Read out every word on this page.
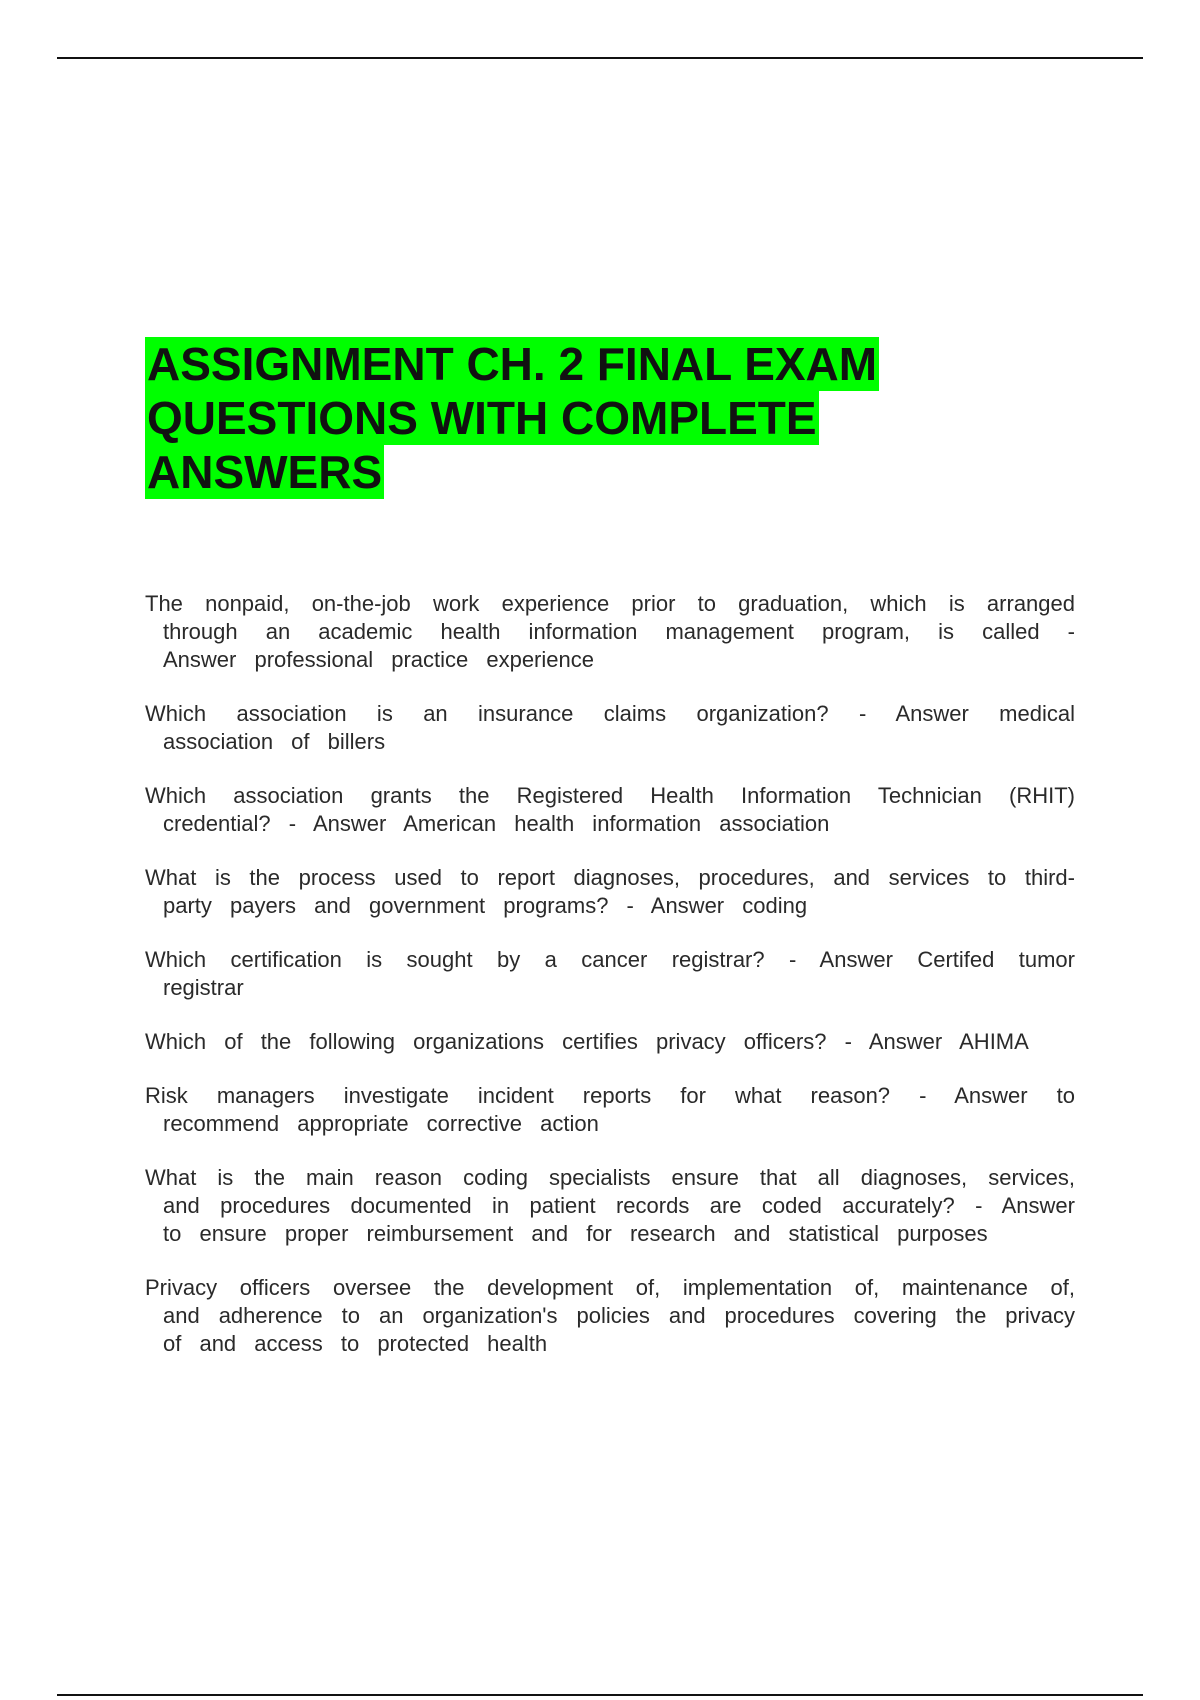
ASSIGNMENT CH. 2 FINAL EXAM
QUESTIONS WITH COMPLETE
ANSWERS

The nonpaid, on-the-job work experience prior to graduation, which is arranged through an academic health information management program, is called - Answer professional practice experience

Which association is an insurance claims organization? - Answer medical association of billers

Which association grants the Registered Health Information Technician (RHIT) credential? - Answer American health information association

What is the process used to report diagnoses, procedures, and services to third-party payers and government programs? - Answer coding

Which certification is sought by a cancer registrar? - Answer Certifed tumor registrar

Which of the following organizations certifies privacy officers? - Answer AHIMA

Risk managers investigate incident reports for what reason? - Answer to recommend appropriate corrective action

What is the main reason coding specialists ensure that all diagnoses, services, and procedures documented in patient records are coded accurately? - Answer to ensure proper reimbursement and for research and statistical purposes

Privacy officers oversee the development of, implementation of, maintenance of, and adherence to an organization's policies and procedures covering the privacy of and access to protected health
